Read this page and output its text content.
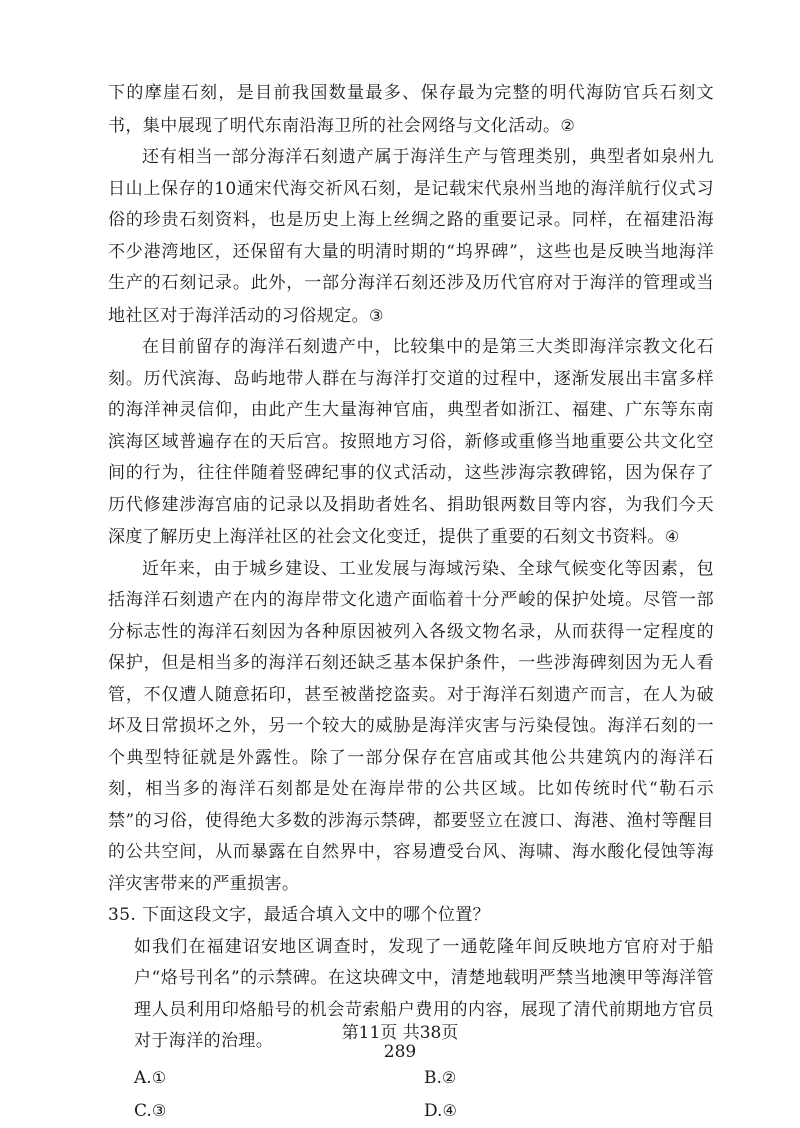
下的摩崖石刻，是目前我国数量最多、保存最为完整的明代海防官兵石刻文书，集中展现了明代东南沿海卫所的社会网络与文化活动。②

还有相当一部分海洋石刻遗产属于海洋生产与管理类别，典型者如泉州九日山上保存的10通宋代海交祈风石刻，是记载宋代泉州当地的海洋航行仪式习俗的珍贵石刻资料，也是历史上海上丝绸之路的重要记录。同样，在福建沿海不少港湾地区，还保留有大量的明清时期的“坞界碑”，这些也是反映当地海洋生产的石刻记录。此外，一部分海洋石刻还涉及历代官府对于海洋的管理或当地社区对于海洋活动的习俗规定。③

在目前留存的海洋石刻遗产中，比较集中的是第三大类即海洋宗教文化石刻。历代滨海、岛屿地带人群在与海洋打交道的过程中，逐渐发展出丰富多样的海洋神灵信仰，由此产生大量海神官庙，典型者如浙江、福建、广东等东南滨海区域普遍存在的天后宫。按照地方习俗，新修或重修当地重要公共文化空间的行为，往往伴随着竖碑纪事的仪式活动，这些涉海宗教碑铭，因为保存了历代修建涉海宫庙的记录以及捐助者姓名、捐助银两数目等内容，为我们今天深度了解历史上海洋社区的社会文化变迁，提供了重要的石刻文书资料。④

近年来，由于城乡建设、工业发展与海域污染、全球气候变化等因素，包括海洋石刻遗产在内的海岸带文化遗产面临着十分严峻的保护处境。尽管一部分标志性的海洋石刻因为各种原因被列入各级文物名录，从而获得一定程度的保护，但是相当多的海洋石刻还缺乏基本保护条件，一些涉海碑刻因为无人看管，不仅遭人随意拓印，甚至被凿挖盗卖。对于海洋石刻遗产而言，在人为破坏及日常损坏之外，另一个较大的威胁是海洋灾害与污染侵蚀。海洋石刻的一个典型特征就是外露性。除了一部分保存在宫庙或其他公共建筑内的海洋石刻，相当多的海洋石刻都是处在海岸带的公共区域。比如传统时代“勒石示禁”的习俗，使得绝大多数的涉海示禁碑，都要竖立在渡口、海港、渔村等醒目的公共空间，从而暴露在自然界中，容易遭受台风、海啸、海水酸化侵蚀等海洋灾害带来的严重损害。

35. 下面这段文字，最适合填入文中的哪个位置？

如我们在福建诏安地区调查时，发现了一通乾隆年间反映地方官府对于船户“烙号刊名”的示禁碑。在这块碑文中，清楚地载明严禁当地澳甲等海洋管理人员利用印烙船号的机会苛索船户费用的内容，展现了清代前期地方官员对于海洋的治理。

A.①	B.②
C.③	D.④
第11页 共38页
289
